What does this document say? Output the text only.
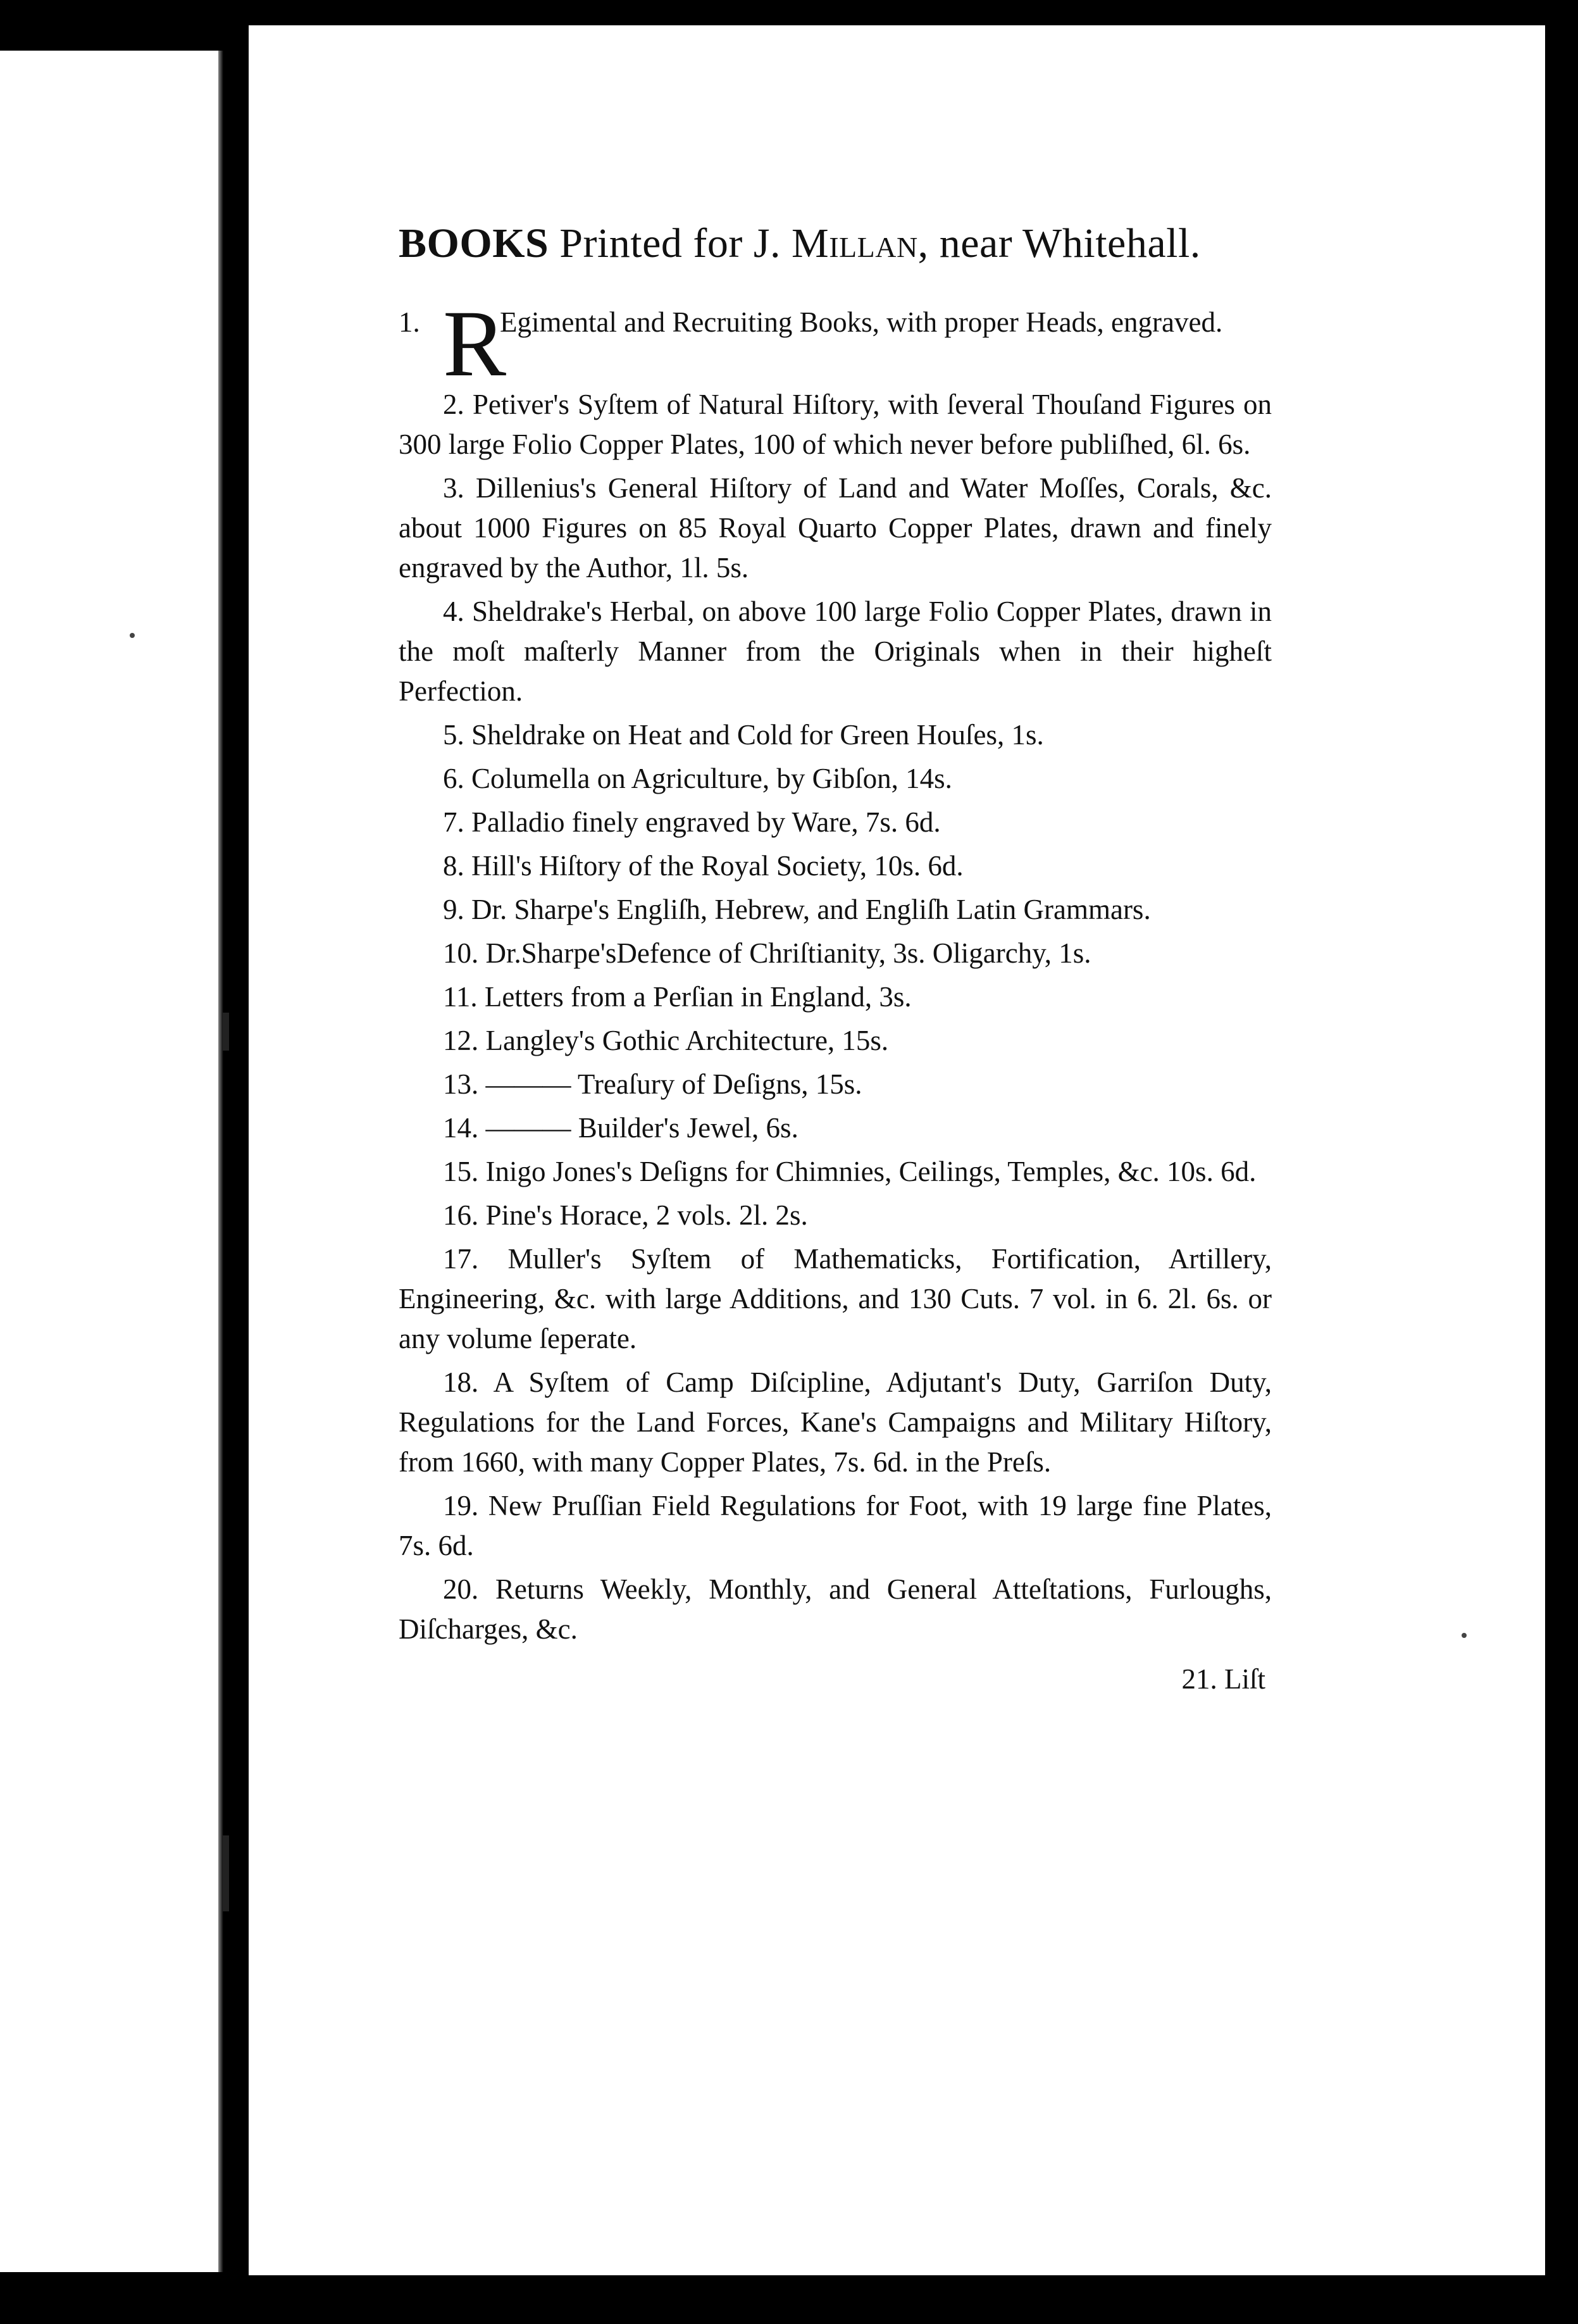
BOOKS Printed for J. Millan, near Whitehall.
1. R
Egimental and Recruiting Books, with proper Heads, engraved.
2. Petiver's Syſtem of Natural Hiſtory, with ſeveral Thouſand Figures on 300 large Folio Copper Plates, 100 of which never before publiſhed, 6l. 6s.
3. Dillenius's General Hiſtory of Land and Water Moſſes, Corals, &c. about 1000 Figures on 85 Royal Quarto Copper Plates, drawn and finely engraved by the Author, 1l. 5s.
4. Sheldrake's Herbal, on above 100 large Folio Copper Plates, drawn in the moſt maſterly Manner from the Originals when in their higheſt Perfection.
5. Sheldrake on Heat and Cold for Green Houſes, 1s.
6. Columella on Agriculture, by Gibſon, 14s.
7. Palladio finely engraved by Ware, 7s. 6d.
8. Hill's Hiſtory of the Royal Society, 10s. 6d.
9. Dr. Sharpe's Engliſh, Hebrew, and Engliſh Latin Grammars.
10. Dr.Sharpe'sDefence of Chriſtianity, 3s. Oligarchy, 1s.
11. Letters from a Perſian in England, 3s.
12. Langley's Gothic Architecture, 15s.
13. ——— Treaſury of Deſigns, 15s.
14. ——— Builder's Jewel, 6s.
15. Inigo Jones's Deſigns for Chimnies, Ceilings, Temples, &c. 10s. 6d.
16. Pine's Horace, 2 vols. 2l. 2s.
17. Muller's Syſtem of Mathematicks, Fortification, Artillery, Engineering, &c. with large Additions, and 130 Cuts. 7 vol. in 6. 2l. 6s. or any volume ſeperate.
18. A Syſtem of Camp Diſcipline, Adjutant's Duty, Garriſon Duty, Regulations for the Land Forces, Kane's Campaigns and Military Hiſtory, from 1660, with many Copper Plates, 7s. 6d. in the Preſs.
19. New Pruſſian Field Regulations for Foot, with 19 large fine Plates, 7s. 6d.
20. Returns Weekly, Monthly, and General Atteſtations, Furloughs, Diſcharges, &c.
21. Liſt
